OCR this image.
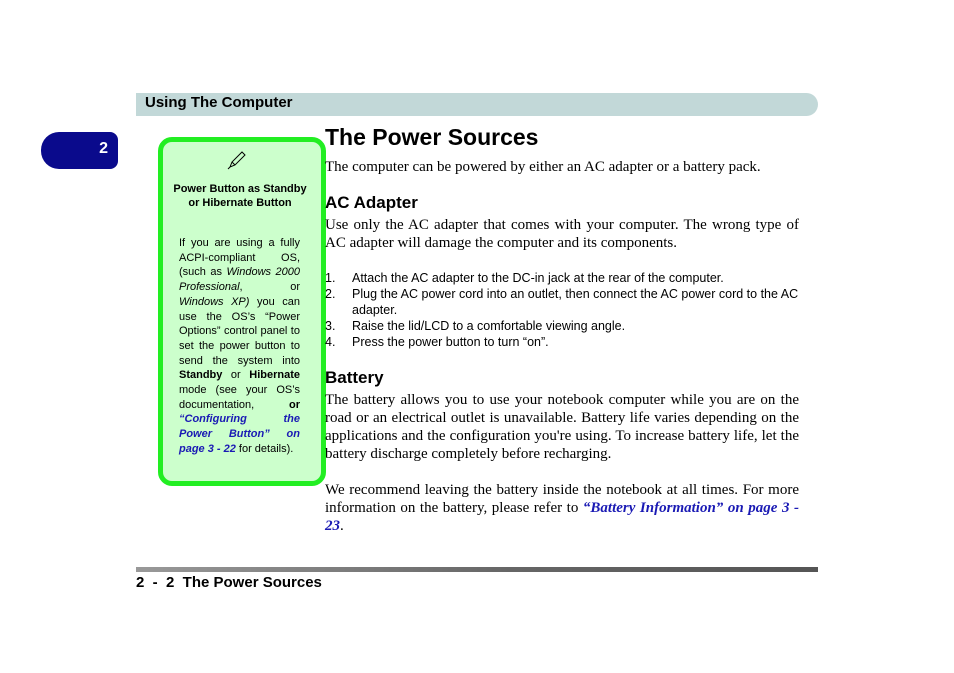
Using The Computer
2
Power Button as Standby or Hibernate Button
If you are using a fully ACPI-compliant OS, (such as Windows 2000 Professional, or Windows XP) you can use the OS’s “Power Options” control panel to set the power button to send the system into Standby or Hibernate mode (see your OS’s documentation, or “Configuring the Power Button” on page 3 - 22 for details).
The Power Sources

The computer can be powered by either an AC adapter or a battery pack.

AC Adapter

Use only the AC adapter that comes with your computer. The wrong type of AC adapter will damage the computer and its components.

1. Attach the AC adapter to the DC-in jack at the rear of the computer.
2. Plug the AC power cord into an outlet, then connect the AC power cord to the AC adapter.
3. Raise the lid/LCD to a comfortable viewing angle.
4. Press the power button to turn “on”.
Battery

The battery allows you to use your notebook computer while you are on the road or an electrical outlet is unavailable. Battery life varies depending on the applications and the configuration you're using. To increase battery life, let the battery discharge completely before recharging.

We recommend leaving the battery inside the notebook at all times. For more information on the battery, please refer to “Battery Information” on page 3 - 23.

2  -  2  The Power Sources
